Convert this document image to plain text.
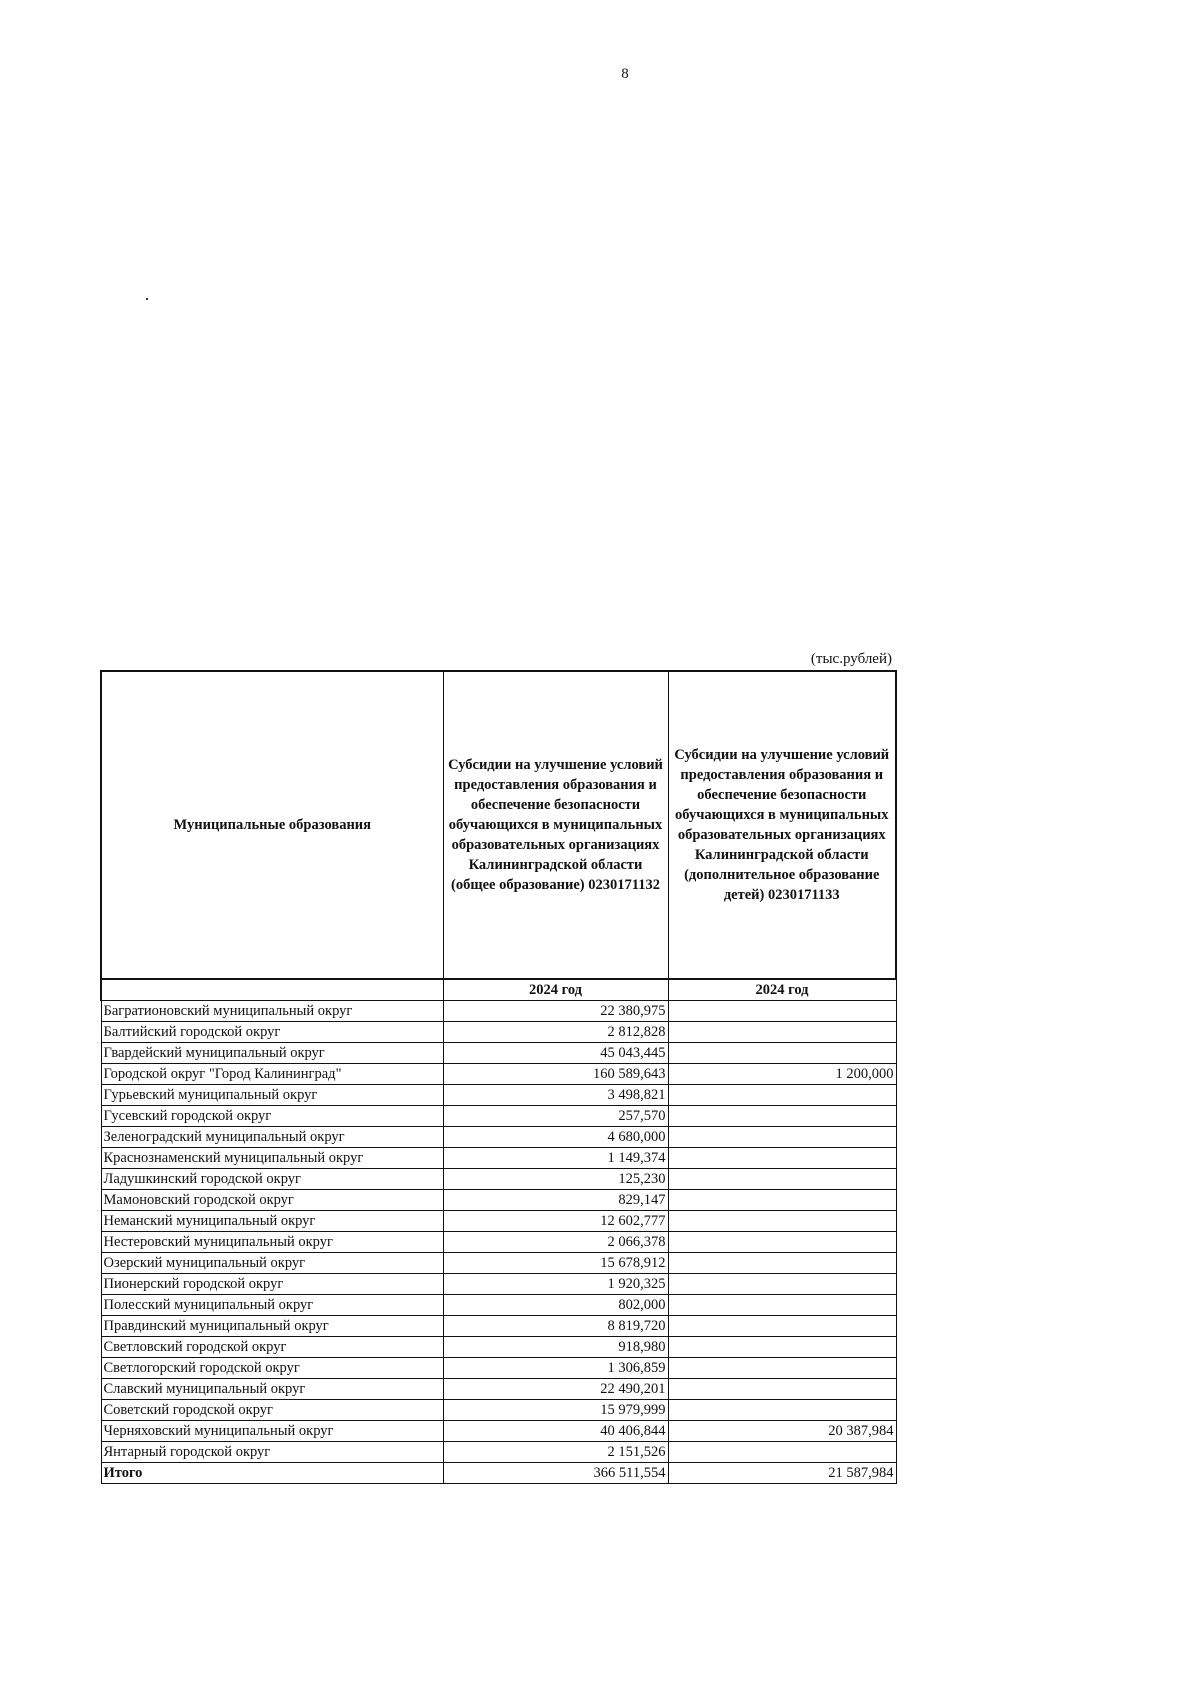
8
(тыс.рублей)
Муниципальные образования	Субсидии на улучшение условий предоставления образования и обеспечение безопасности обучающихся в муниципальных образовательных организациях Калининградской области (общее образование) 0230171132	Субсидии на улучшение условий предоставления образования и обеспечение безопасности обучающихся в муниципальных образовательных организациях Калининградской области (дополнительное образование детей) 0230171133

	2024 год	2024 год
Багратионовский муниципальный округ	22 380,975	
Балтийский городской округ	2 812,828	
Гвардейский муниципальный округ	45 043,445	
Городской округ "Город Калининград"	160 589,643	1 200,000
Гурьевский муниципальный округ	3 498,821	
Гусевский городской округ	257,570	
Зеленоградский муниципальный округ	4 680,000	
Краснознаменский муниципальный округ	1 149,374	
Ладушкинский городской округ	125,230	
Мамоновский городской округ	829,147	
Неманский муниципальный округ	12 602,777	
Нестеровский муниципальный округ	2 066,378	
Озерский муниципальный округ	15 678,912	
Пионерский городской округ	1 920,325	
Полесский муниципальный округ	802,000	
Правдинский муниципальный округ	8 819,720	
Светловский городской округ	918,980	
Светлогорский городской округ	1 306,859	
Славский муниципальный округ	22 490,201	
Советский городской округ	15 979,999	
Черняховский муниципальный округ	40 406,844	20 387,984
Янтарный городской округ	2 151,526	
Итого	366 511,554	21 587,984
